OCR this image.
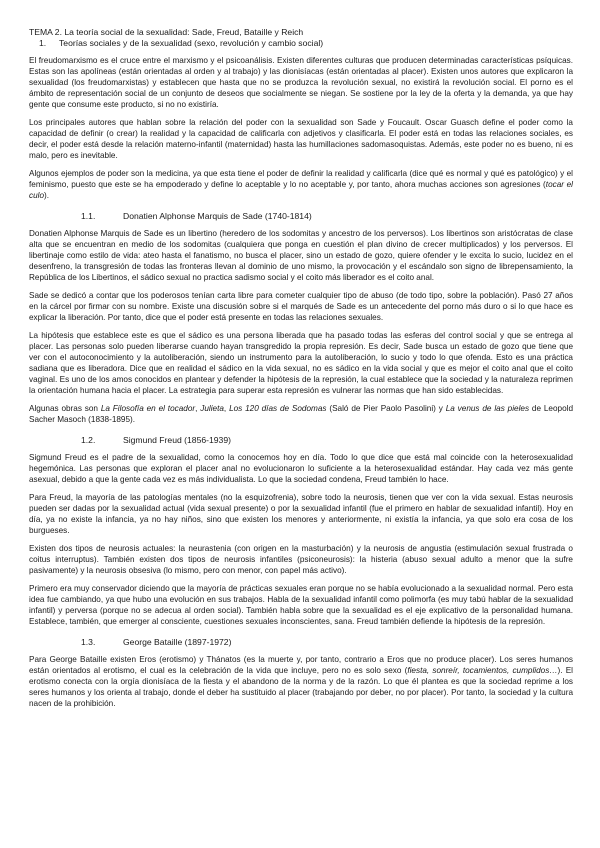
TEMA 2. La teoría social de la sexualidad: Sade, Freud, Bataille y Reich
1. Teorías sociales y de la sexualidad (sexo, revolución y cambio social)

El freudomarxismo es el cruce entre el marxismo y el psicoanálisis. Existen diferentes culturas que producen determinadas características psíquicas. Estas son las apolíneas (están orientadas al orden y al trabajo) y las dionisíacas (están orientadas al placer). Existen unos autores que explicaron la sexualidad (los freudomarxistas) y establecen que hasta que no se produzca la revolución sexual, no existirá la revolución social. El porno es el ámbito de representación social de un conjunto de deseos que socialmente se niegan. Se sostiene por la ley de la oferta y la demanda, ya que hay gente que consume este producto, si no no existiría.

Los principales autores que hablan sobre la relación del poder con la sexualidad son Sade y Foucault. Oscar Guasch define el poder como la capacidad de definir (o crear) la realidad y la capacidad de calificarla con adjetivos y clasificarla. El poder está en todas las relaciones sociales, es decir, el poder está desde la relación materno-infantil (maternidad) hasta las humillaciones sadomasoquistas. Además, este poder no es bueno, ni es malo, pero es inevitable.

Algunos ejemplos de poder son la medicina, ya que esta tiene el poder de definir la realidad y calificarla (dice qué es normal y qué es patológico) y el feminismo, puesto que este se ha empoderado y define lo aceptable y lo no aceptable y, por tanto, ahora muchas acciones son agresiones (tocar el culo).

1.1.	Donatien Alphonse Marquis de Sade (1740-1814)

Donatien Alphonse Marquis de Sade es un libertino (heredero de los sodomitas y ancestro de los perversos). Los libertinos son aristócratas de clase alta que se encuentran en medio de los sodomitas (cualquiera que ponga en cuestión el plan divino de crecer multiplicados) y los perversos. El libertinaje como estilo de vida: ateo hasta el fanatismo, no busca el placer, sino un estado de gozo, quiere ofender y le excita lo sucio, lucidez en el desenfreno, la transgresión de todas las fronteras llevan al dominio de uno mismo, la provocación y el escándalo son signo de librepensamiento, la República de los Libertinos, el sádico sexual no practica sadismo social y el coito más liberador es el coito anal.

Sade se dedicó a contar que los poderosos tenían carta libre para cometer cualquier tipo de abuso (de todo tipo, sobre la población). Pasó 27 años en la cárcel por firmar con su nombre. Existe una discusión sobre si el marqués de Sade es un antecedente del porno más duro o si lo que hace es explicar la liberación. Por tanto, dice que el poder está presente en todas las relaciones sexuales.

La hipótesis que establece este es que el sádico es una persona liberada que ha pasado todas las esferas del control social y que se entrega al placer. Las personas solo pueden liberarse cuando hayan transgredido la propia represión. Es decir, Sade busca un estado de gozo que tiene que ver con el autoconocimiento y la autoliberación, siendo un instrumento para la autoliberación, lo sucio y todo lo que ofenda. Esto es una práctica sadiana que es liberadora. Dice que en realidad el sádico en la vida sexual, no es sádico en la vida social y que es mejor el coito anal que el coito vaginal. Es uno de los amos conocidos en plantear y defender la hipótesis de la represión, la cual establece que la sociedad y la naturaleza reprimen la orientación humana hacia el placer. La estrategia para superar esta represión es vulnerar las normas que han sido establecidas.

Algunas obras son La Filosofía en el tocador, Julieta, Los 120 días de Sodomas (Saló de Pier Paolo Pasolini) y La venus de las pieles de Leopold Sacher Masoch (1838-1895).

1.2.	Sigmund Freud (1856-1939)

Sigmund Freud es el padre de la sexualidad, como la conocemos hoy en día. Todo lo que dice que está mal coincide con la heterosexualidad hegemónica. Las personas que exploran el placer anal no evolucionaron lo suficiente a la heterosexualidad estándar. Hay cada vez más gente asexual, debido a que la gente cada vez es más individualista. Lo que la sociedad condena, Freud también lo hace.

Para Freud, la mayoría de las patologías mentales (no la esquizofrenia), sobre todo la neurosis, tienen que ver con la vida sexual. Estas neurosis pueden ser dadas por la sexualidad actual (vida sexual presente) o por la sexualidad infantil (fue el primero en hablar de sexualidad infantil). Hoy en día, ya no existe la infancia, ya no hay niños, sino que existen los menores y anteriormente, ni existía la infancia, ya que solo era cosa de los burgueses.

Existen dos tipos de neurosis actuales: la neurastenia (con origen en la masturbación) y la neurosis de angustia (estimulación sexual frustrada o coitus interruptus). También existen dos tipos de neurosis infantiles (psiconeurosis): la histeria (abuso sexual adulto a menor que la sufre pasivamente) y la neurosis obsesiva (lo mismo, pero con menor, con papel más activo).

Primero era muy conservador diciendo que la mayoría de prácticas sexuales eran porque no se había evolucionado a la sexualidad normal. Pero esta idea fue cambiando, ya que hubo una evolución en sus trabajos. Habla de la sexualidad infantil como polimorfa (es muy tabú hablar de la sexualidad infantil) y perversa (porque no se adecua al orden social). También habla sobre que la sexualidad es el eje explicativo de la personalidad humana. Establece, también, que emerger al consciente, cuestiones sexuales inconscientes, sana. Freud también defiende la hipótesis de la represión.

1.3.	George Bataille (1897-1972)

Para George Bataille existen Eros (erotismo) y Thánatos (es la muerte y, por tanto, contrario a Eros que no produce placer). Los seres humanos están orientados al erotismo, el cual es la celebración de la vida que incluye, pero no es solo sexo (fiesta, sonreír, tocamientos, cumplidos…). El erotismo conecta con la orgía dionisíaca de la fiesta y el abandono de la norma y de la razón. Lo que él plantea es que la sociedad reprime a los seres humanos y los orienta al trabajo, donde el deber ha sustituido al placer (trabajando por deber, no por placer). Por tanto, la sociedad y la cultura nacen de la prohibición.
